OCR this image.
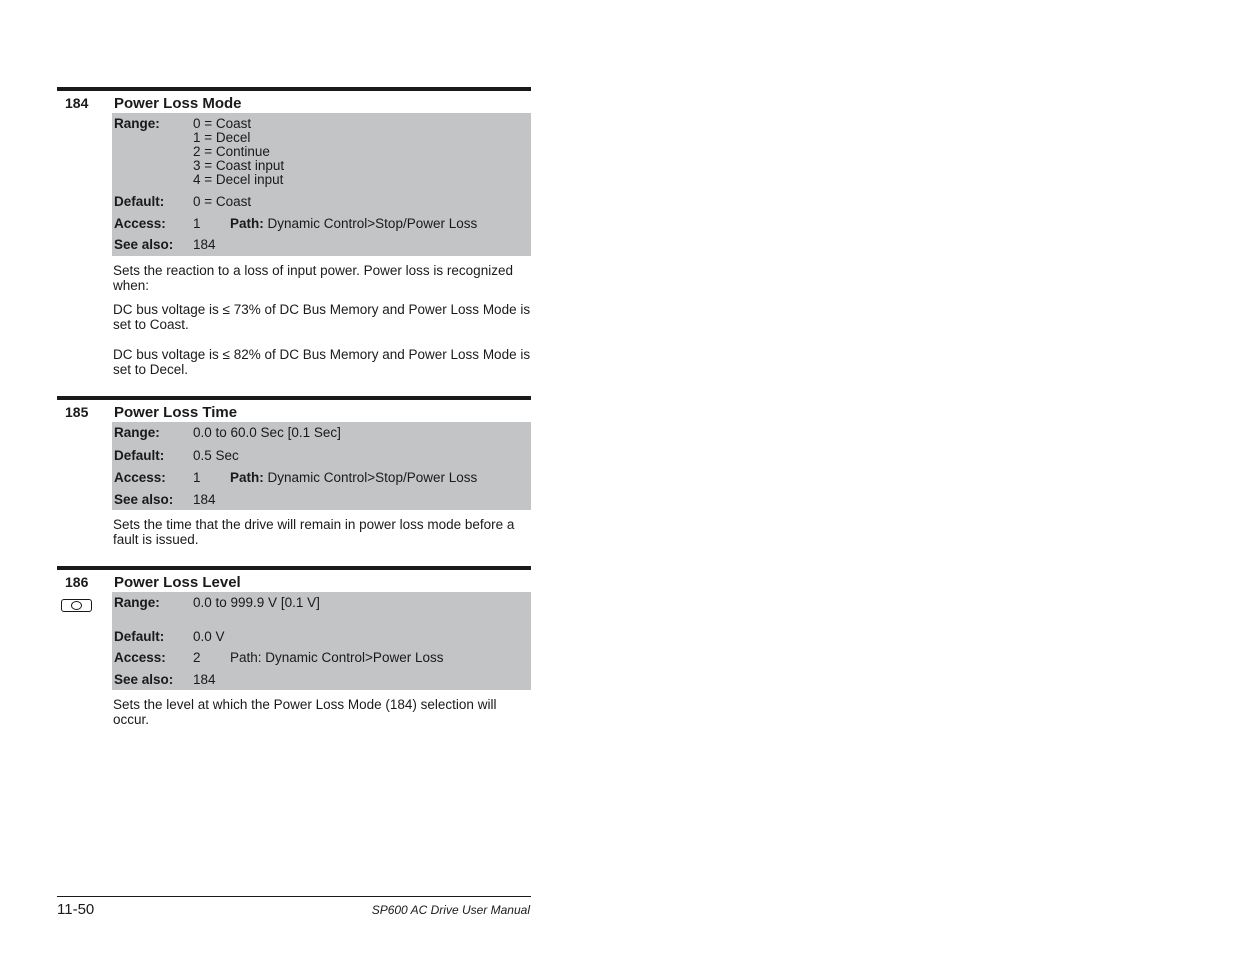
184 Power Loss Mode
Range: 0 = Coast
1 = Decel
2 = Continue
3 = Coast input
4 = Decel input
Default: 0 = Coast
Access: 1 Path: Dynamic Control>Stop/Power Loss
See also: 184
Sets the reaction to a loss of input power. Power loss is recognized when:
DC bus voltage is ≤ 73% of DC Bus Memory and Power Loss Mode is set to Coast.
DC bus voltage is ≤ 82% of DC Bus Memory and Power Loss Mode is set to Decel.
185 Power Loss Time
Range: 0.0 to 60.0 Sec [0.1 Sec]
Default: 0.5 Sec
Access: 1 Path: Dynamic Control>Stop/Power Loss
See also: 184
Sets the time that the drive will remain in power loss mode before a fault is issued.
186 Power Loss Level
Range: 0.0 to 999.9 V [0.1 V]
Default: 0.0 V
Access: 2 Path: Dynamic Control>Power Loss
See also: 184
Sets the level at which the Power Loss Mode (184) selection will occur.
11-50	SP600 AC Drive User Manual
